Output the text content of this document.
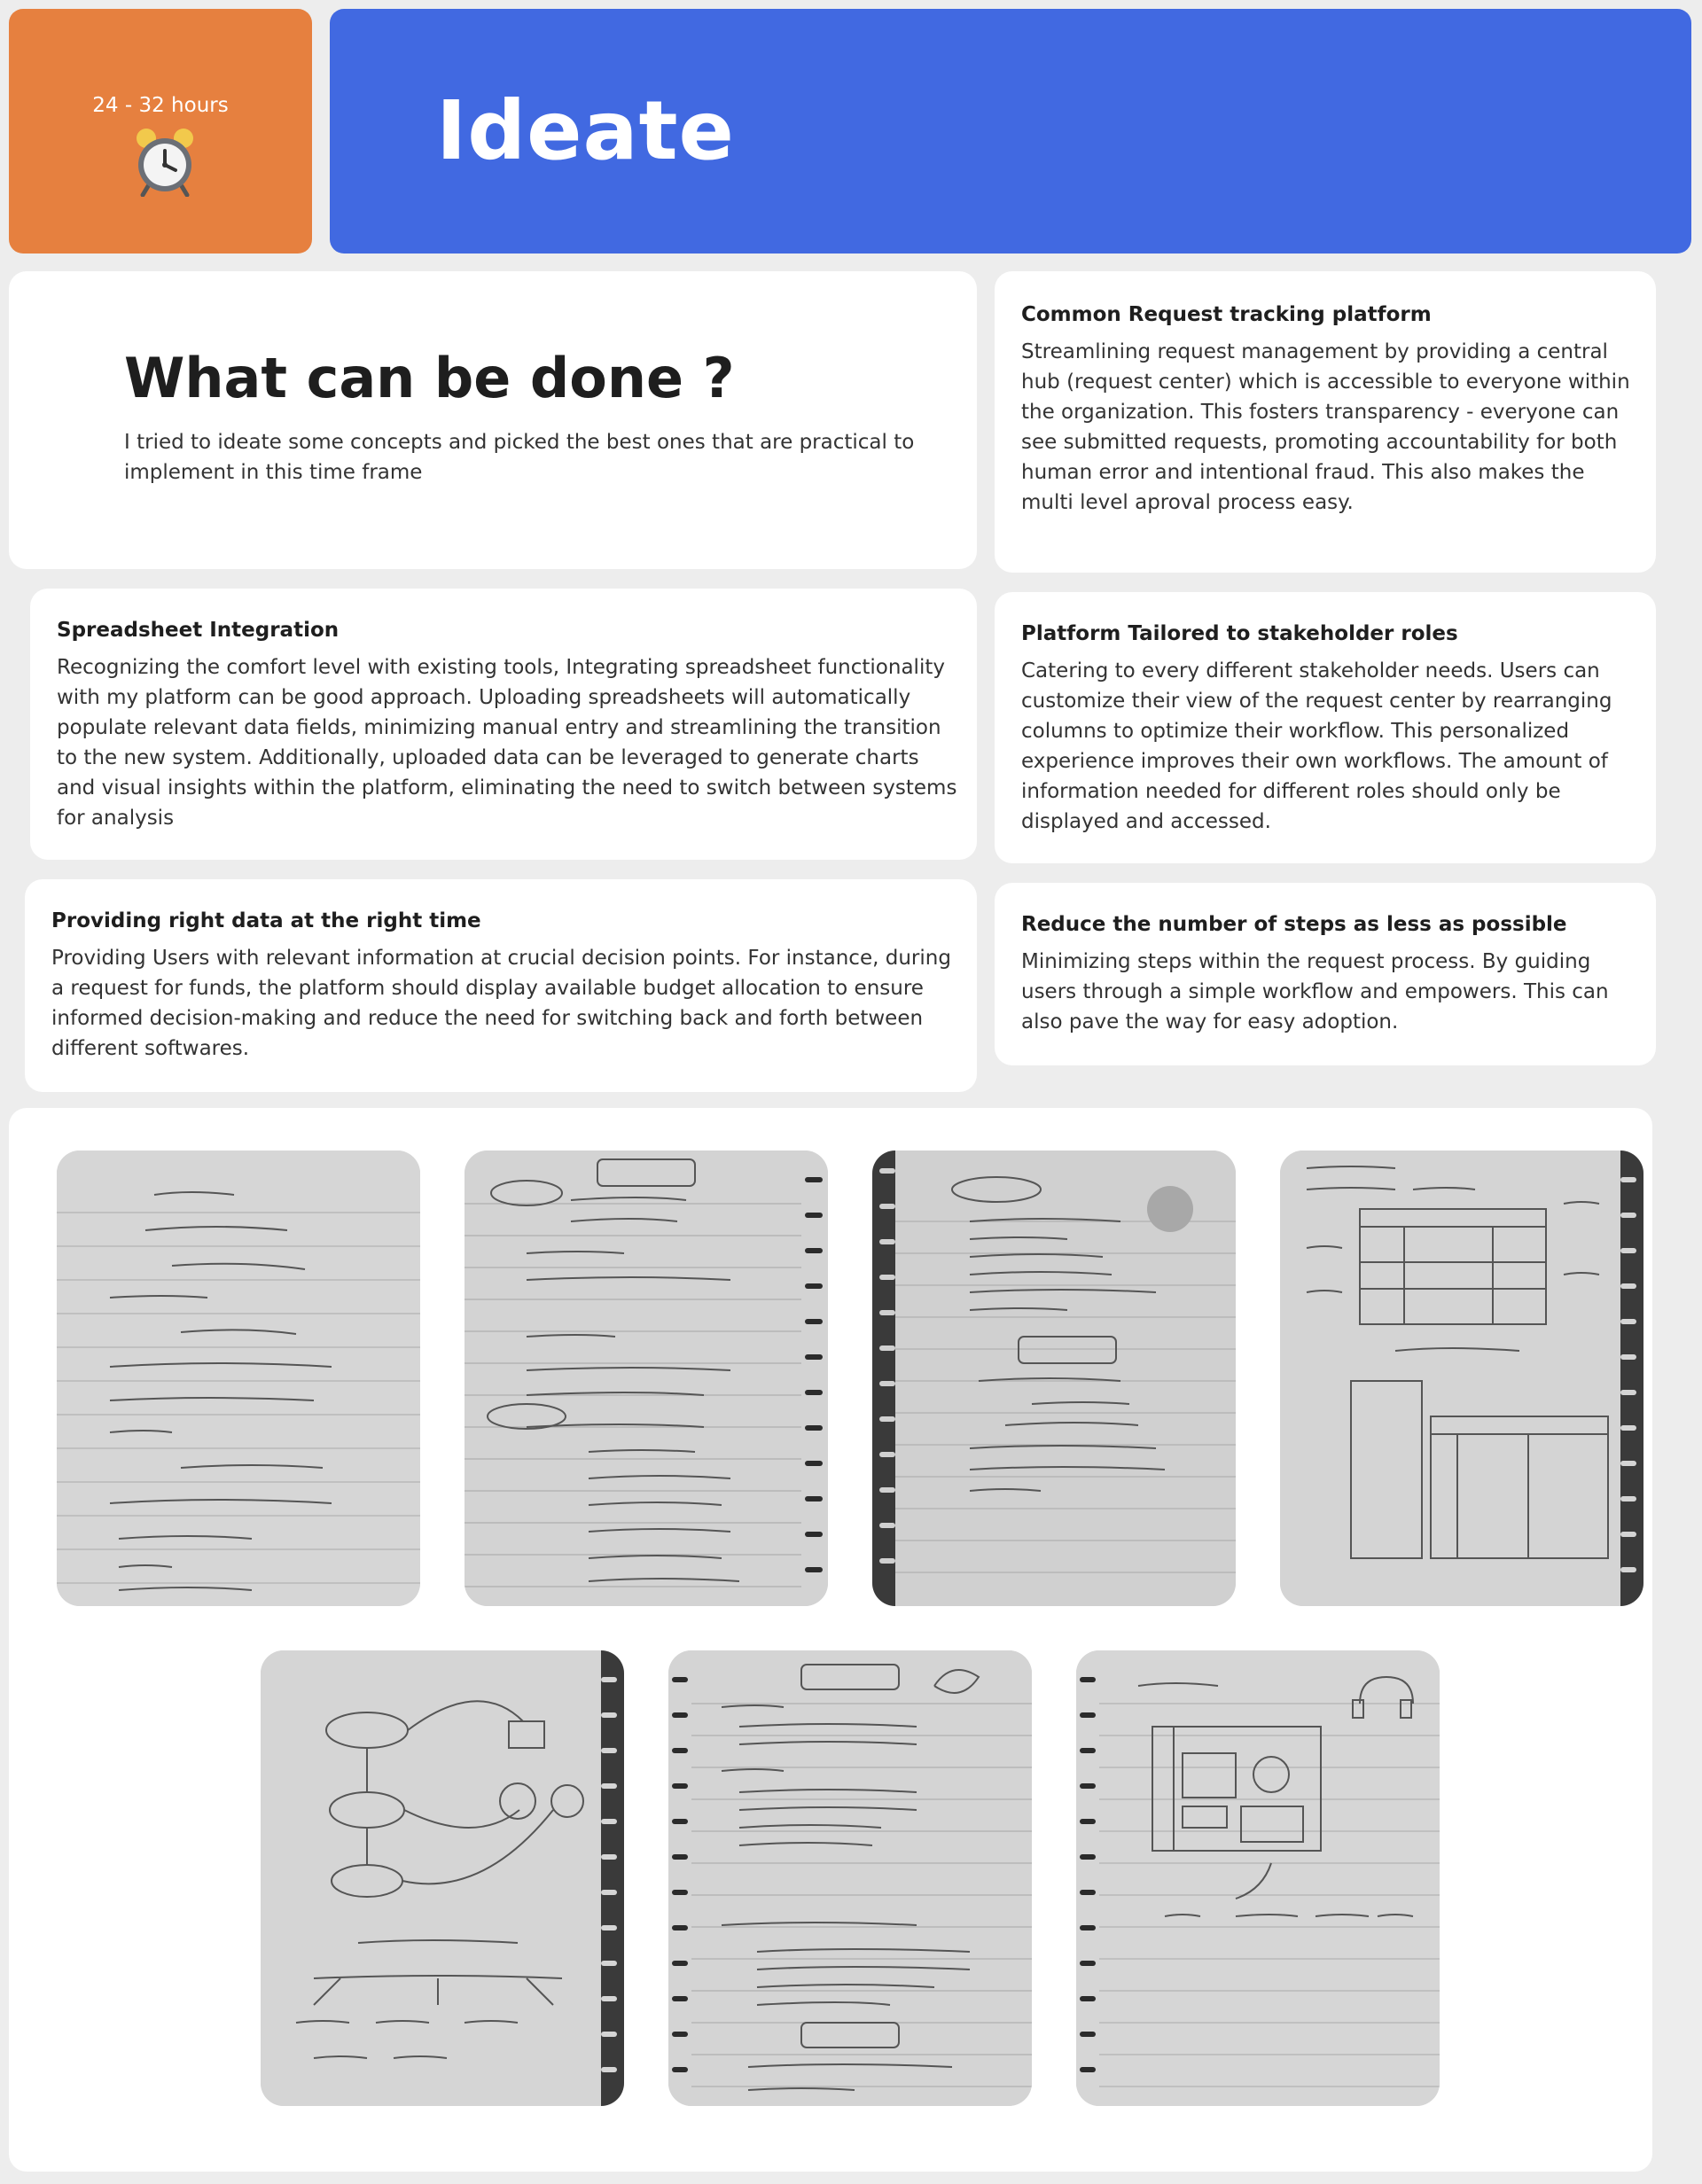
24 - 32 hours	Ideate
What can be done ?

I tried to ideate some concepts and picked the best ones that are practical to implement in this time frame

Common Request tracking platform

Streamlining request management by providing a central hub (request center) which is accessible to everyone within the organization. This fosters transparency - everyone can see submitted requests, promoting accountability for both human error and intentional fraud. This also makes the multi level aproval process easy.

Spreadsheet Integration

Recognizing the comfort level with existing tools, Integrating spreadsheet functionality with my platform can be good approach. Uploading spreadsheets will automatically populate relevant data fields, minimizing manual entry and streamlining the transition to the new system. Additionally, uploaded data can be leveraged to generate charts and visual insights within the platform, eliminating the need to switch between systems for analysis

Platform Tailored to stakeholder roles

Catering to every different stakeholder needs. Users can customize their view of the request center by rearranging columns to optimize their workflow. This personalized experience improves their own workflows. The amount of information needed for different roles should only be displayed and accessed.

Providing right data at the right time

Providing Users with relevant information at crucial decision points. For instance, during a request for funds, the platform should display available budget allocation to ensure informed decision-making and reduce the need for switching back and forth between different softwares.

Reduce the number of steps as less as possible

Minimizing steps within the request process. By guiding users through a simple workflow and empowers. This can also pave the way for easy adoption.
